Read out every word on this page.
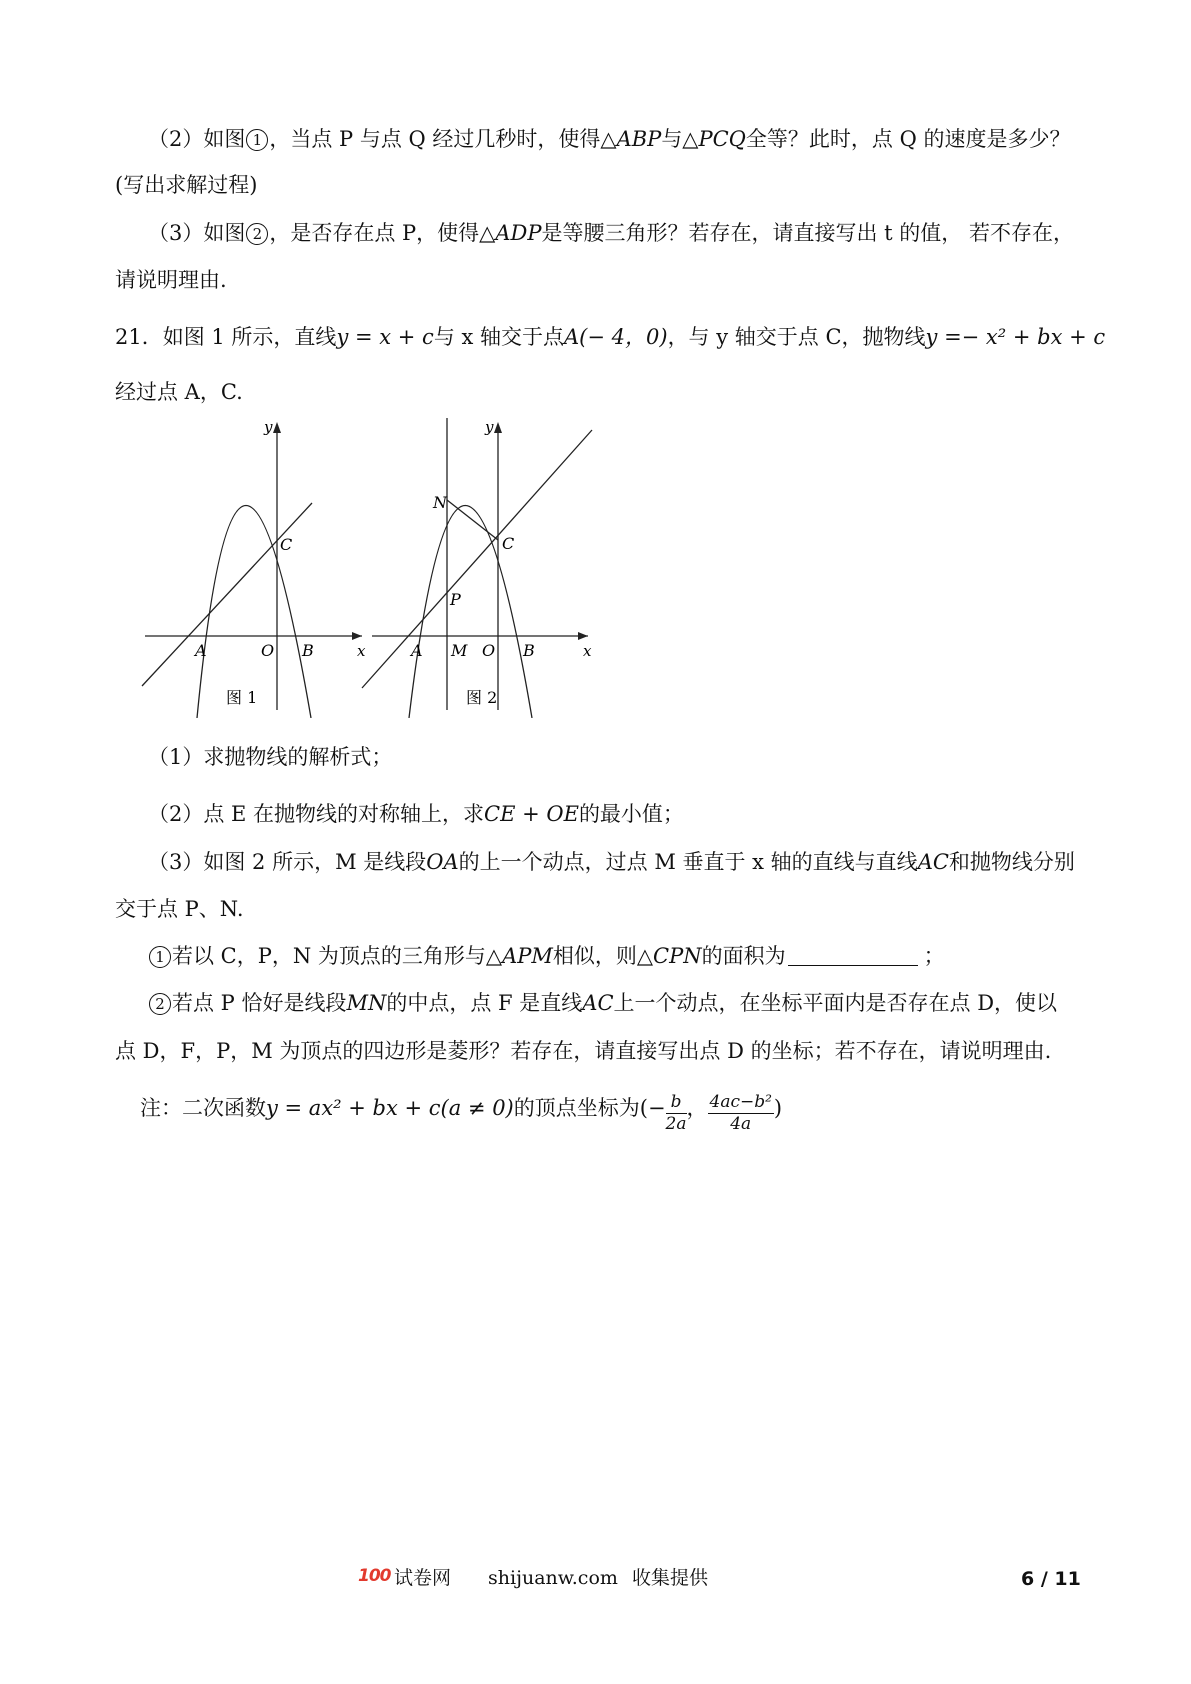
（2）如图 1 ，当点 P 与点 Q 经过几秒时，使得△ABP与△PCQ全等？此时，点 Q 的速度是多少？
(写出求解过程)
（3）如图 2 ，是否存在点 P，使得△ADP是等腰三角形？若存在，请直接写出 t 的值， 若不存在，
请说明理由.
21．如图 1 所示，直线y = x + c与 x 轴交于点A(− 4，0)，与 y 轴交于点 C，抛物线y =− x² + bx + c
经过点 A，C.
y
x
C
A	O B
图 1
y
x
N
C
P
A M O B
图 2
（1）求抛物线的解析式；
（2）点 E 在抛物线的对称轴上，求CE + OE的最小值；
（3）如图 2 所示，M 是线段OA的上一个动点，过点 M 垂直于 x 轴的直线与直线AC和抛物线分别
交于点 P、N.
1 若以 C，P，N 为顶点的三角形与△APM相似，则△CPN的面积为	；
2 若点 P 恰好是线段MN的中点，点 F 是直线AC上一个动点，在坐标平面内是否存在点 D，使以
点 D，F，P，M 为顶点的四边形是菱形？若存在，请直接写出点 D 的坐标；若不存在，请说明理由.
注：二次函数y = ax² + bx + c(a ≠ 0)的顶点坐标为(− $\frac{b}{2a}$ ， $\frac{\text{4ac−b²}}{4a}$ )
100 试卷网 shijuanw.com 收集提供	6 / 11
